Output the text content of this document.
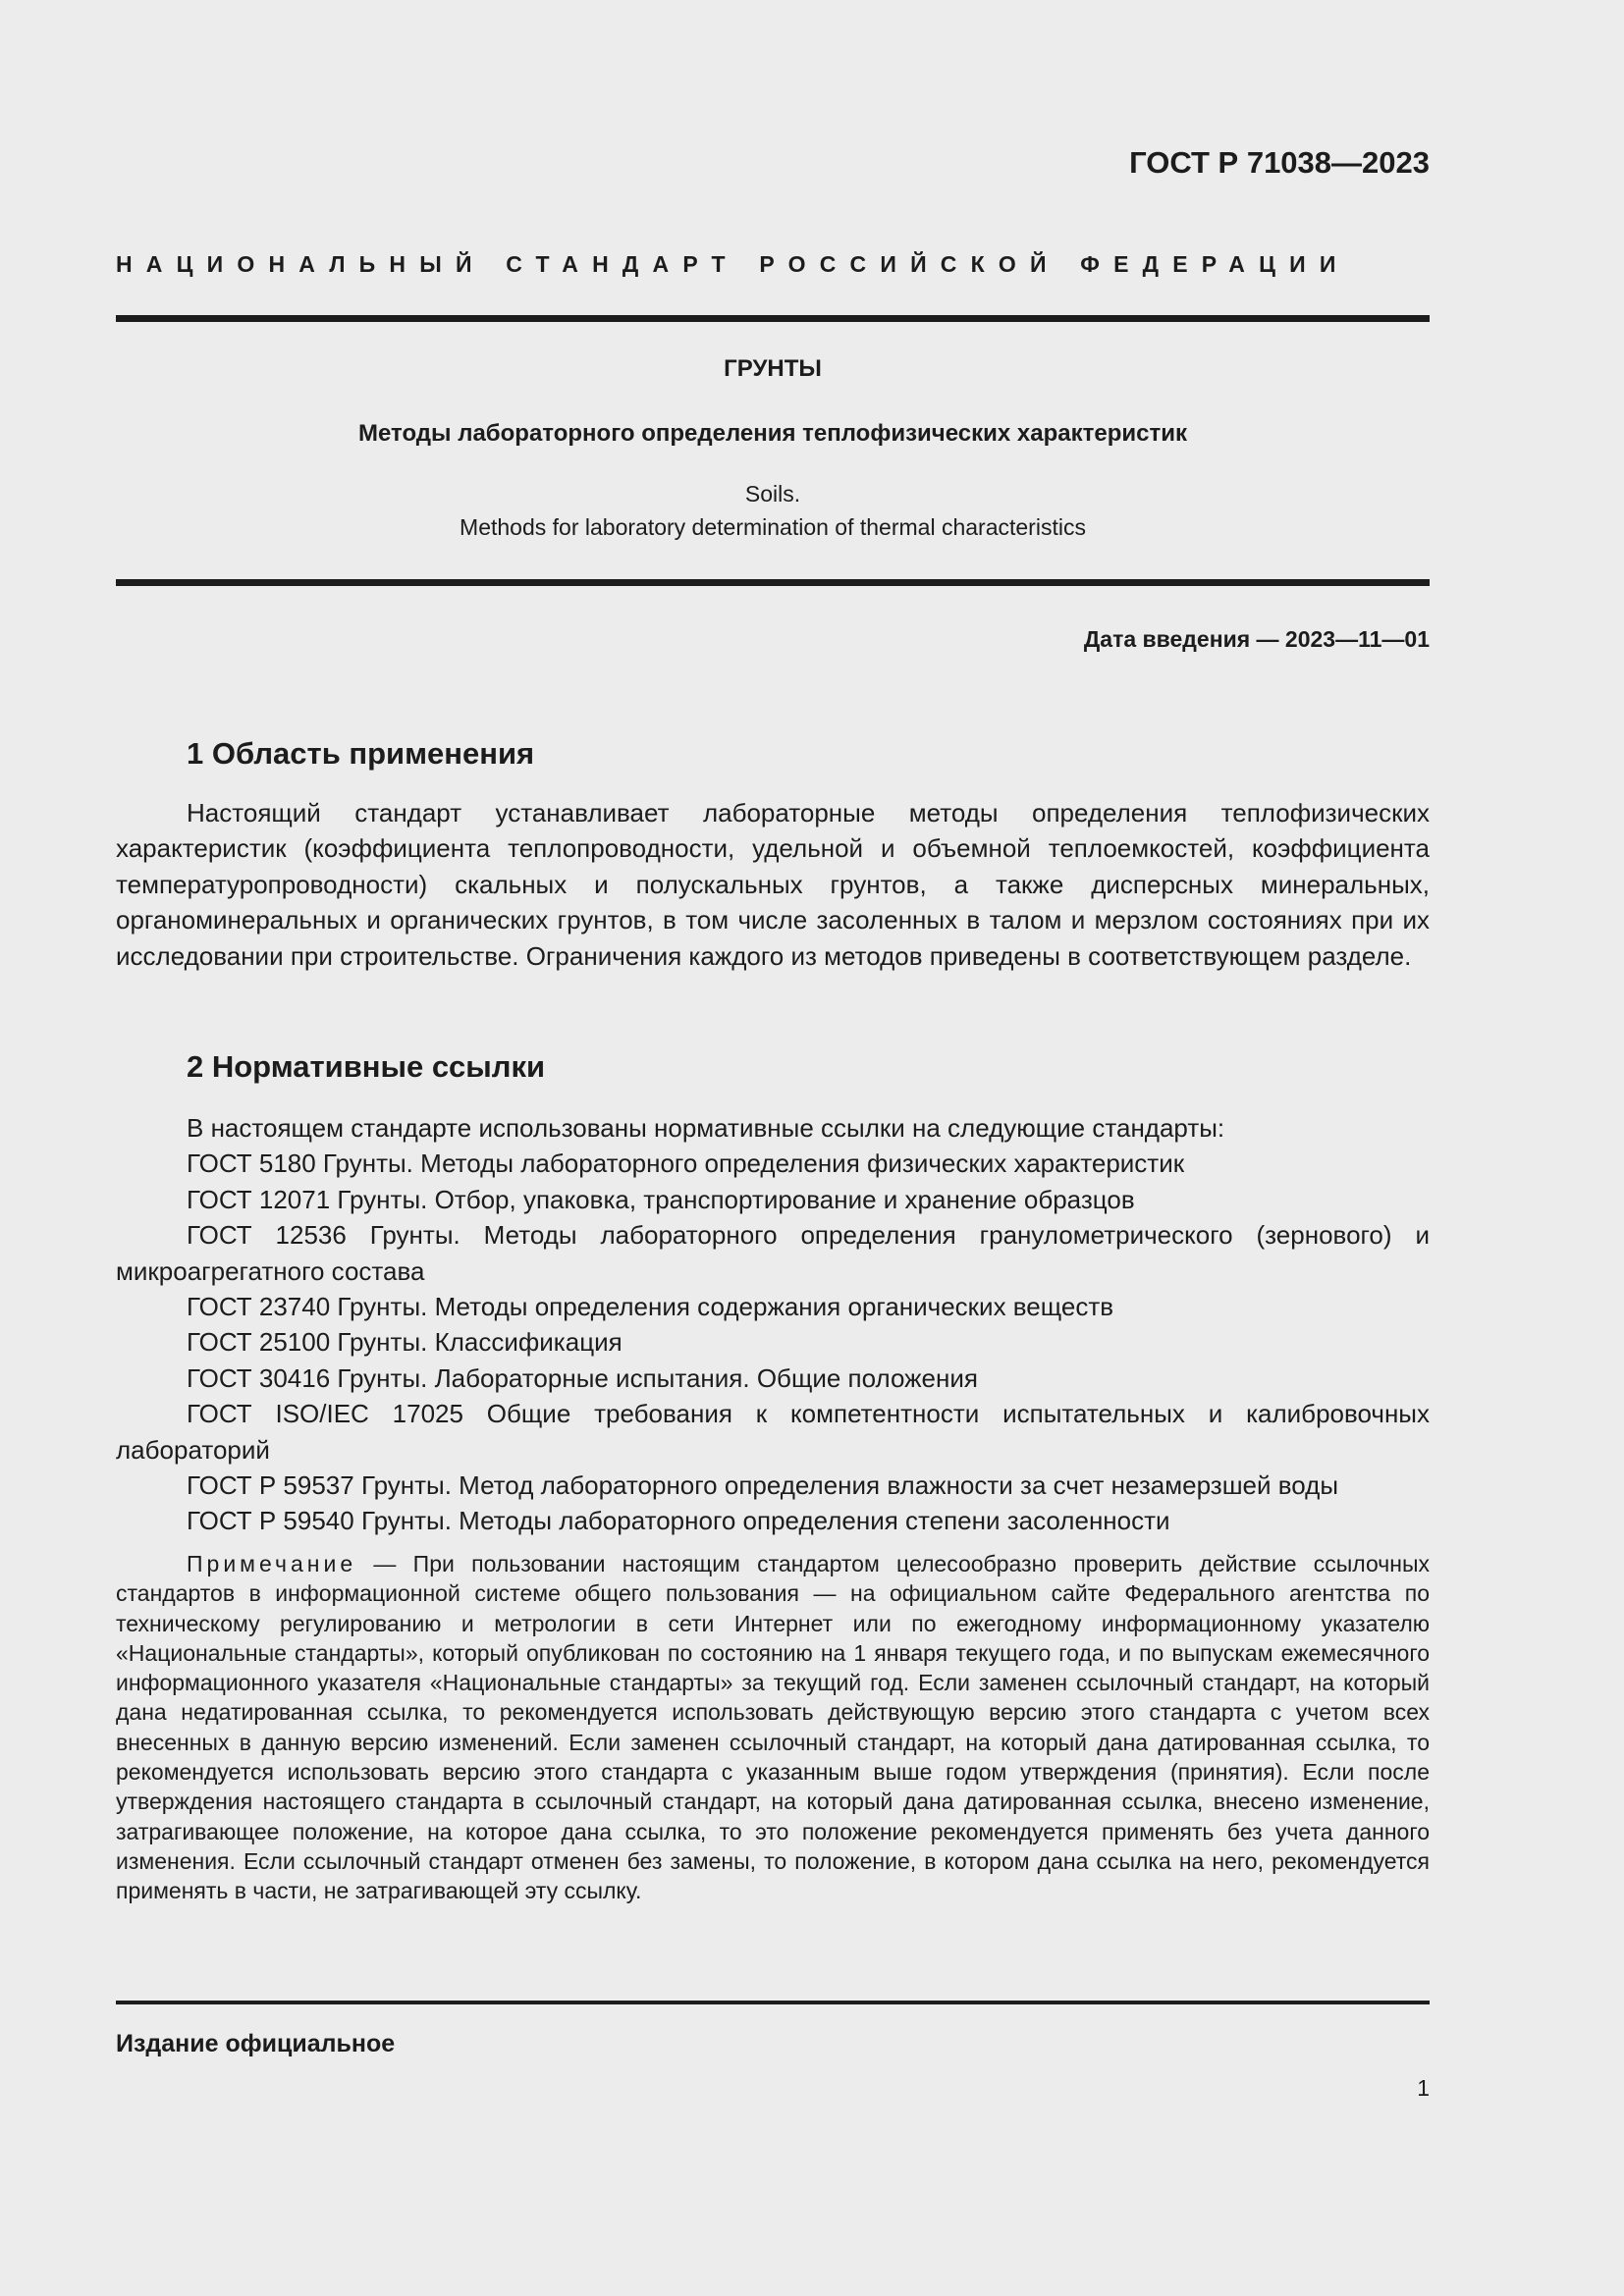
ГОСТ Р 71038—2023
НАЦИОНАЛЬНЫЙ СТАНДАРТ РОССИЙСКОЙ ФЕДЕРАЦИИ
ГРУНТЫ
Методы лабораторного определения теплофизических характеристик
Soils.
Methods for laboratory determination of thermal characteristics
Дата введения — 2023—11—01
1 Область применения
Настоящий стандарт устанавливает лабораторные методы определения теплофизических характеристик (коэффициента теплопроводности, удельной и объемной теплоемкостей, коэффициента температуропроводности) скальных и полускальных грунтов, а также дисперсных минеральных, органоминеральных и органических грунтов, в том числе засоленных в талом и мерзлом состояниях при их исследовании при строительстве. Ограничения каждого из методов приведены в соответствующем разделе.
2 Нормативные ссылки
В настоящем стандарте использованы нормативные ссылки на следующие стандарты:
ГОСТ 5180 Грунты. Методы лабораторного определения физических характеристик
ГОСТ 12071 Грунты. Отбор, упаковка, транспортирование и хранение образцов
ГОСТ 12536 Грунты. Методы лабораторного определения гранулометрического (зернового) и микроагрегатного состава
ГОСТ 23740 Грунты. Методы определения содержания органических веществ
ГОСТ 25100 Грунты. Классификация
ГОСТ 30416 Грунты. Лабораторные испытания. Общие положения
ГОСТ ISO/IEC 17025 Общие требования к компетентности испытательных и калибровочных лабораторий
ГОСТ Р 59537 Грунты. Метод лабораторного определения влажности за счет незамерзшей воды
ГОСТ Р 59540 Грунты. Методы лабораторного определения степени засоленности
Примечание — При пользовании настоящим стандартом целесообразно проверить действие ссылочных стандартов в информационной системе общего пользования — на официальном сайте Федерального агентства по техническому регулированию и метрологии в сети Интернет или по ежегодному информационному указателю «Национальные стандарты», который опубликован по состоянию на 1 января текущего года, и по выпускам ежемесячного информационного указателя «Национальные стандарты» за текущий год. Если заменен ссылочный стандарт, на который дана недатированная ссылка, то рекомендуется использовать действующую версию этого стандарта с учетом всех внесенных в данную версию изменений. Если заменен ссылочный стандарт, на который дана датированная ссылка, то рекомендуется использовать версию этого стандарта с указанным выше годом утверждения (принятия). Если после утверждения настоящего стандарта в ссылочный стандарт, на который дана датированная ссылка, внесено изменение, затрагивающее положение, на которое дана ссылка, то это положение рекомендуется применять без учета данного изменения. Если ссылочный стандарт отменен без замены, то положение, в котором дана ссылка на него, рекомендуется применять в части, не затрагивающей эту ссылку.
Издание официальное
1
